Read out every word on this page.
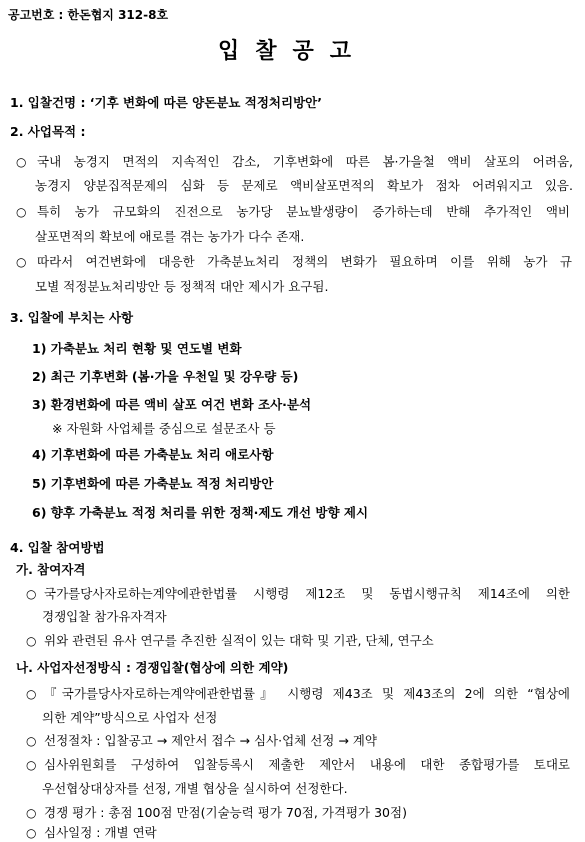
공고번호 : 한돈협지 312-8호
입찰공고
1. 입찰건명 : ‘기후 변화에 따른 양돈분뇨 적정처리방안’
2. 사업목적 :
○ 국내 농경지 면적의 지속적인 감소, 기후변화에 따른 봄·가을철 액비 살포의 어려움,
농경지 양분집적문제의 심화 등 문제로 액비살포면적의 확보가 점차 어려워지고 있음.
○ 특히 농가 규모화의 진전으로 농가당 분뇨발생량이 증가하는데 반해 추가적인 액비
살포면적의 확보에 애로를 겪는 농가가 다수 존재.
○ 따라서 여건변화에 대응한 가축분뇨처리 정책의 변화가 필요하며 이를 위해 농가 규
모별 적정분뇨처리방안 등 정책적 대안 제시가 요구됨.
3. 입찰에 부치는 사항
1) 가축분뇨 처리 현황 및 연도별 변화
2) 최근 기후변화 (봄·가을 우천일 및 강우량 등)
3) 환경변화에 따른 액비 살포 여건 변화 조사·분석
※ 자원화 사업체를 중심으로 설문조사 등
4) 기후변화에 따른 가축분뇨 처리 애로사항
5) 기후변화에 따른 가축분뇨 적정 처리방안
6) 향후 가축분뇨 적정 처리를 위한 정책·제도 개선 방향 제시
4. 입찰 참여방법
가. 참여자격
○ 국가를당사자로하는계약에관한법률 시행령 제12조 및 동법시행규칙 제14조에 의한
경쟁입찰 참가유자격자
○ 위와 관련된 유사 연구를 추진한 실적이 있는 대학 및 기관, 단체, 연구소
나. 사업자선정방식 : 경쟁입찰(협상에 의한 계약)
○ 『국가를당사자로하는계약에관한법률』 시행령 제43조 및 제43조의 2에 의한 “협상에
의한 계약”방식으로 사업자 선정
○ 선정절차 : 입찰공고 → 제안서 접수 → 심사·업체 선정 → 계약
○ 심사위원회를 구성하여 입찰등록시 제출한 제안서 내용에 대한 종합평가를 토대로
우선협상대상자를 선정, 개별 협상을 실시하여 선정한다.
○ 경쟁 평가 : 총점 100점 만점(기술능력 평가 70점, 가격평가 30점)
○ 심사일정 : 개별 연락
